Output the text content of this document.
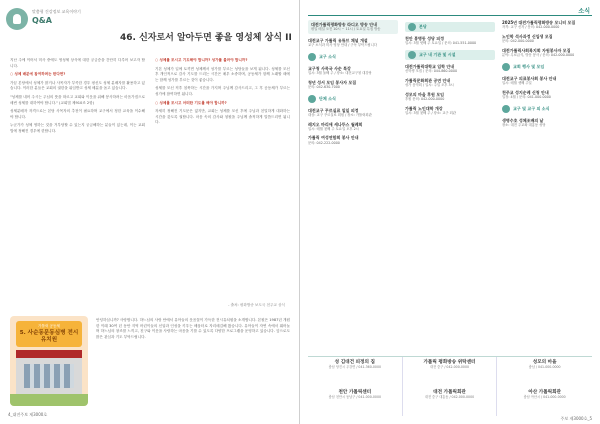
맞춤형 건강정보 교육이야기
Q&A
46. 신자로서 알아두면 좋을 영성체 상식 II

지난 주에 이어서 미사 중에도 영성체 상식에 대한 궁금증을 간단히 다루어 보고자 합니다.

○ 성체 배분에 참여하려는 한다면?

가끔 본당에서 성체가 많거나 사목자가 부족한 경우 평신도 성체 분배자를 활용하고 있습니다. 이러한 분들은 교회의 권한을 위임받고 성체 배분을 돕고 있습니다.

"성체를 내어 주시는 주님의 뜻을 따르고 교회와 이웃을 위해 봉사하려는 마음가짐으로 매번 성체를 대하여야 합니다." (교회법 제910조 2항)

성체분배자 자격으로는 본당 사목자의 추천이 필요하며 교구에서 정한 교육을 이수해야 합니다.

누군가가 성체 영하는 것을 거부당할 수 있는지 궁금해하는 분들이 있는데, 이는 교회법에 정해진 경우에 한합니다.

○ 성체를 모시고 기도해야 합니까? 성가를 불러야 합니까?

기본 성체가 입에 토끼면 성체께서 성가를 부르는 성당들을 보게 됩니다. 성체를 모신 후 개인적으로 감사 기도를 드리는 시간은 매우 소중하며, 공동체가 함께 노래할 때에는 함께 성가를 부르는 것이 좋습니다.

성체를 모신 직후 침묵하는 시간을 가지며 주님께 감사드리고, 그 후 공동체가 부르는 성가에 참여하면 됩니다.

○ 성체를 모시고 어떠한 기도를 해야 합니까?

자세히 정해진 기도문은 없지만, 교회는 성체를 모신 후에 주님과 친밀하게 대화하는 시간을 갖도록 권합니다. 마음 속의 감사와 청원을 주님께 솔직하게 말씀드리면 됩니다.

- 출처: 평화방송 보도국 천주교 상식
가톨릭 공동체
5. 사순동문동심병 전시유치원
안녕하십니까? 사랑합니다. 하느님의 사랑 안에서 유아들의 웃음꽃이 가득한 전시유치원을 소개합니다. 본원은 1987년 개원한 이래 30여 년 동안 지역 어린이들의 신앙과 인성을 키우는 배움터로 자리매김해 왔습니다. 유아들이 자연 속에서 뛰어놀며 하느님의 창조를 느끼고, 친구와 이웃을 사랑하는 마음을 기를 수 있도록 다양한 프로그램을 운영하고 있습니다. 앞으로도 많은 관심과 기도 부탁드립니다.
4_대전주보 제3000호
소식
대전가톨릭평화방송 라디오 방송 안내
평일 매일 오전 10시 ~ 11시 / 토요일 특집 방송
대전교구 가톨릭 유튜브 채널 개설
교구 소식과 미사 영상 안내 / 구독 부탁드립니다
교구 소식
교구청 사목국 사순 특강
일시: 3월 둘째 주 / 장소: 대전교구청 대강당
청년 성서 모임 봉사자 모집
문의: 042-630-7000
단체 소식
대전교구 꾸르실료 일일 피정
대상: 교구 꾸르실료 회원 / 장소: 가톨릭회관
레지오 마리애 세나뚜스 월례회
일시: 매월 첫째 주 토요일 오후 2시
가톨릭 여성연합회 봉사 안내
문의: 042-222-0000
본당
천안 봉명동 성당 피정
일시: 3월 넷째 주 토요일 / 문의: 041-551-0000
교구 내 기관 및 시설
대전가톨릭대학교 입학 안내
신학생 모집 / 문의: 044-860-0000
가톨릭문화회관 공연 안내
성가 음악회 / 일시: 주일 오후 3시
성모의 마을 후원 모임
후원 문의: 042-000-0000
가톨릭 노인대학 개강
일시: 3월 첫째 주 / 장소: 교구 회관
2025년 대전가톨릭평화방송 모니터 모집
자격: 교구 신자 / 문의: 042-000-0000
노인학 석사과정 신입생 모집
문의: 042-000-0000
대전가톨릭사회복지회 자원봉사자 모집
분야: 무료급식, 방문 봉사 / 문의: 042-000-0000
교회 행사 및 모임
대전교구 의료봉사회 봉사 안내
일시: 매월 셋째 주일
천주교 성지순례 신청 안내
일정: 4월 / 문의: 041-000-0000
교구 및 교구 외 소식
생명수호 성체조배의 날
장소: 대전 주교좌 대흥동 성당
성 김대건 피정의 집
충남 당진시 우강면 / 041-360-0000
가톨릭 평화방송 위탁센터
대전 중구 / 042-000-0000
성모의 마을
충남 / 041-000-0000
천안 가톨릭센터
충남 천안시 동남구 / 041-000-0000
대전 가톨릭회관
대전 중구 대흥동 / 042-000-0000
아산 가톨릭회관
충남 아산시 / 041-000-0000
주보 제3000호_5
